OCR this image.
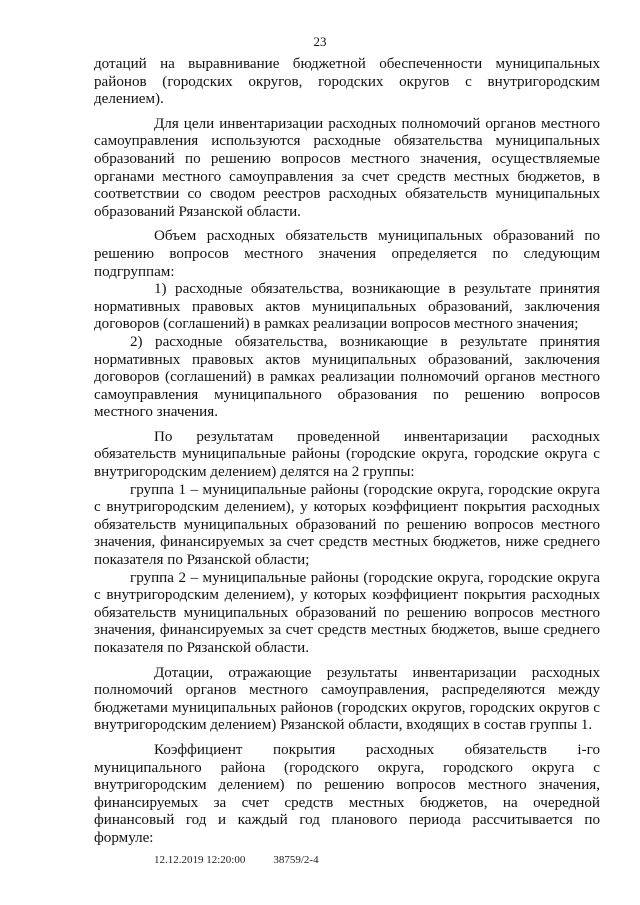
23

дотаций на выравнивание бюджетной обеспеченности муниципальных районов (городских округов, городских округов с внутригородским делением).

Для цели инвентаризации расходных полномочий органов местного самоуправления используются расходные обязательства муниципальных образований по решению вопросов местного значения, осуществляемые органами местного самоуправления за счет средств местных бюджетов, в соответствии со сводом реестров расходных обязательств муниципальных образований Рязанской области.

Объем расходных обязательств муниципальных образований по решению вопросов местного значения определяется по следующим подгруппам:

1) расходные обязательства, возникающие в результате принятия нормативных правовых актов муниципальных образований, заключения договоров (соглашений) в рамках реализации вопросов местного значения;

2) расходные обязательства, возникающие в результате принятия нормативных правовых актов муниципальных образований, заключения договоров (соглашений) в рамках реализации полномочий органов местного самоуправления муниципального образования по решению вопросов местного значения.

По результатам проведенной инвентаризации расходных обязательств муниципальные районы (городские округа, городские округа с внутригородским делением) делятся на 2 группы:

группа 1 – муниципальные районы (городские округа, городские округа с внутригородским делением), у которых коэффициент покрытия расходных обязательств муниципальных образований по решению вопросов местного значения, финансируемых за счет средств местных бюджетов, ниже среднего показателя по Рязанской области;

группа 2 – муниципальные районы (городские округа, городские округа с внутригородским делением), у которых коэффициент покрытия расходных обязательств муниципальных образований по решению вопросов местного значения, финансируемых за счет средств местных бюджетов, выше среднего показателя по Рязанской области.

Дотации, отражающие результаты инвентаризации расходных полномочий органов местного самоуправления, распределяются между бюджетами муниципальных районов (городских округов, городских округов с внутригородским делением) Рязанской области, входящих в состав группы 1.

Коэффициент покрытия расходных обязательств i-го муниципального района (городского округа, городского округа с внутригородским делением) по решению вопросов местного значения, финансируемых за счет средств местных бюджетов, на очередной финансовый год и каждый год планового периода рассчитывается по формуле:

12.12.2019 12:20:00	38759/2-4
